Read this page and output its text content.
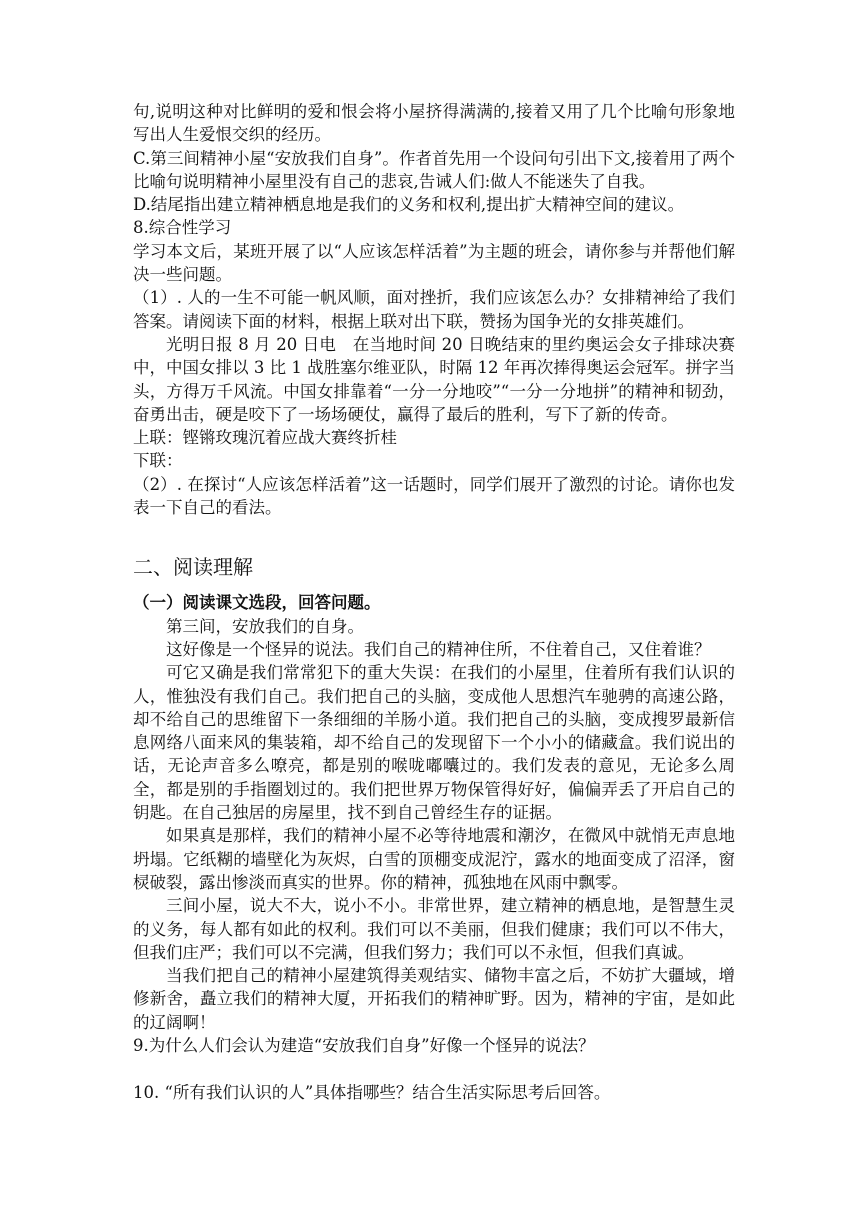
句,说明这种对比鲜明的爱和恨会将小屋挤得满满的,接着又用了几个比喻句形象地写出人生爱恨交织的经历。

C.第三间精神小屋“安放我们自身”。作者首先用一个设问句引出下文,接着用了两个比喻句说明精神小屋里没有自己的悲哀,告诫人们:做人不能迷失了自我。

D.结尾指出建立精神栖息地是我们的义务和权利,提出扩大精神空间的建议。

8.综合性学习

学习本文后，某班开展了以“人应该怎样活着”为主题的班会，请你参与并帮他们解决一些问题。

（1）. 人的一生不可能一帆风顺，面对挫折，我们应该怎么办？女排精神给了我们答案。请阅读下面的材料，根据上联对出下联，赞扬为国争光的女排英雄们。

光明日报 8 月 20 日电　在当地时间 20 日晚结束的里约奥运会女子排球决赛中，中国女排以 3 比 1 战胜塞尔维亚队，时隔 12 年再次捧得奥运会冠军。拼字当头，方得万千风流。中国女排靠着“一分一分地咬”“一分一分地拼”的精神和韧劲，奋勇出击，硬是咬下了一场场硬仗，赢得了最后的胜利，写下了新的传奇。

上联：铿锵玫瑰沉着应战大赛终折桂

下联：

（2）. 在探讨“人应该怎样活着”这一话题时，同学们展开了激烈的讨论。请你也发表一下自己的看法。

二、阅读理解

（一）阅读课文选段，回答问题。

第三间，安放我们的自身。

这好像是一个怪异的说法。我们自己的精神住所，不住着自己，又住着谁？

可它又确是我们常常犯下的重大失误：在我们的小屋里，住着所有我们认识的人，惟独没有我们自己。我们把自己的头脑，变成他人思想汽车驰骋的高速公路，却不给自己的思维留下一条细细的羊肠小道。我们把自己的头脑，变成搜罗最新信息网络八面来风的集装箱，却不给自己的发现留下一个小小的储藏盒。我们说出的话，无论声音多么嘹亮，都是别的喉咙嘟囔过的。我们发表的意见，无论多么周全，都是别的手指圈划过的。我们把世界万物保管得好好，偏偏弄丢了开启自己的钥匙。在自己独居的房屋里，找不到自己曾经生存的证据。

如果真是那样，我们的精神小屋不必等待地震和潮汐，在微风中就悄无声息地坍塌。它纸糊的墙壁化为灰烬，白雪的顶棚变成泥泞，露水的地面变成了沼泽，窗棂破裂，露出惨淡而真实的世界。你的精神，孤独地在风雨中飘零。

三间小屋，说大不大，说小不小。非常世界，建立精神的栖息地，是智慧生灵的义务，每人都有如此的权利。我们可以不美丽，但我们健康；我们可以不伟大，但我们庄严；我们可以不完满，但我们努力；我们可以不永恒，但我们真诚。

当我们把自己的精神小屋建筑得美观结实、储物丰富之后，不妨扩大疆域，增修新舍，矗立我们的精神大厦，开拓我们的精神旷野。因为，精神的宇宙，是如此的辽阔啊！

9.为什么人们会认为建造“安放我们自身”好像一个怪异的说法？

10. “所有我们认识的人”具体指哪些？结合生活实际思考后回答。
